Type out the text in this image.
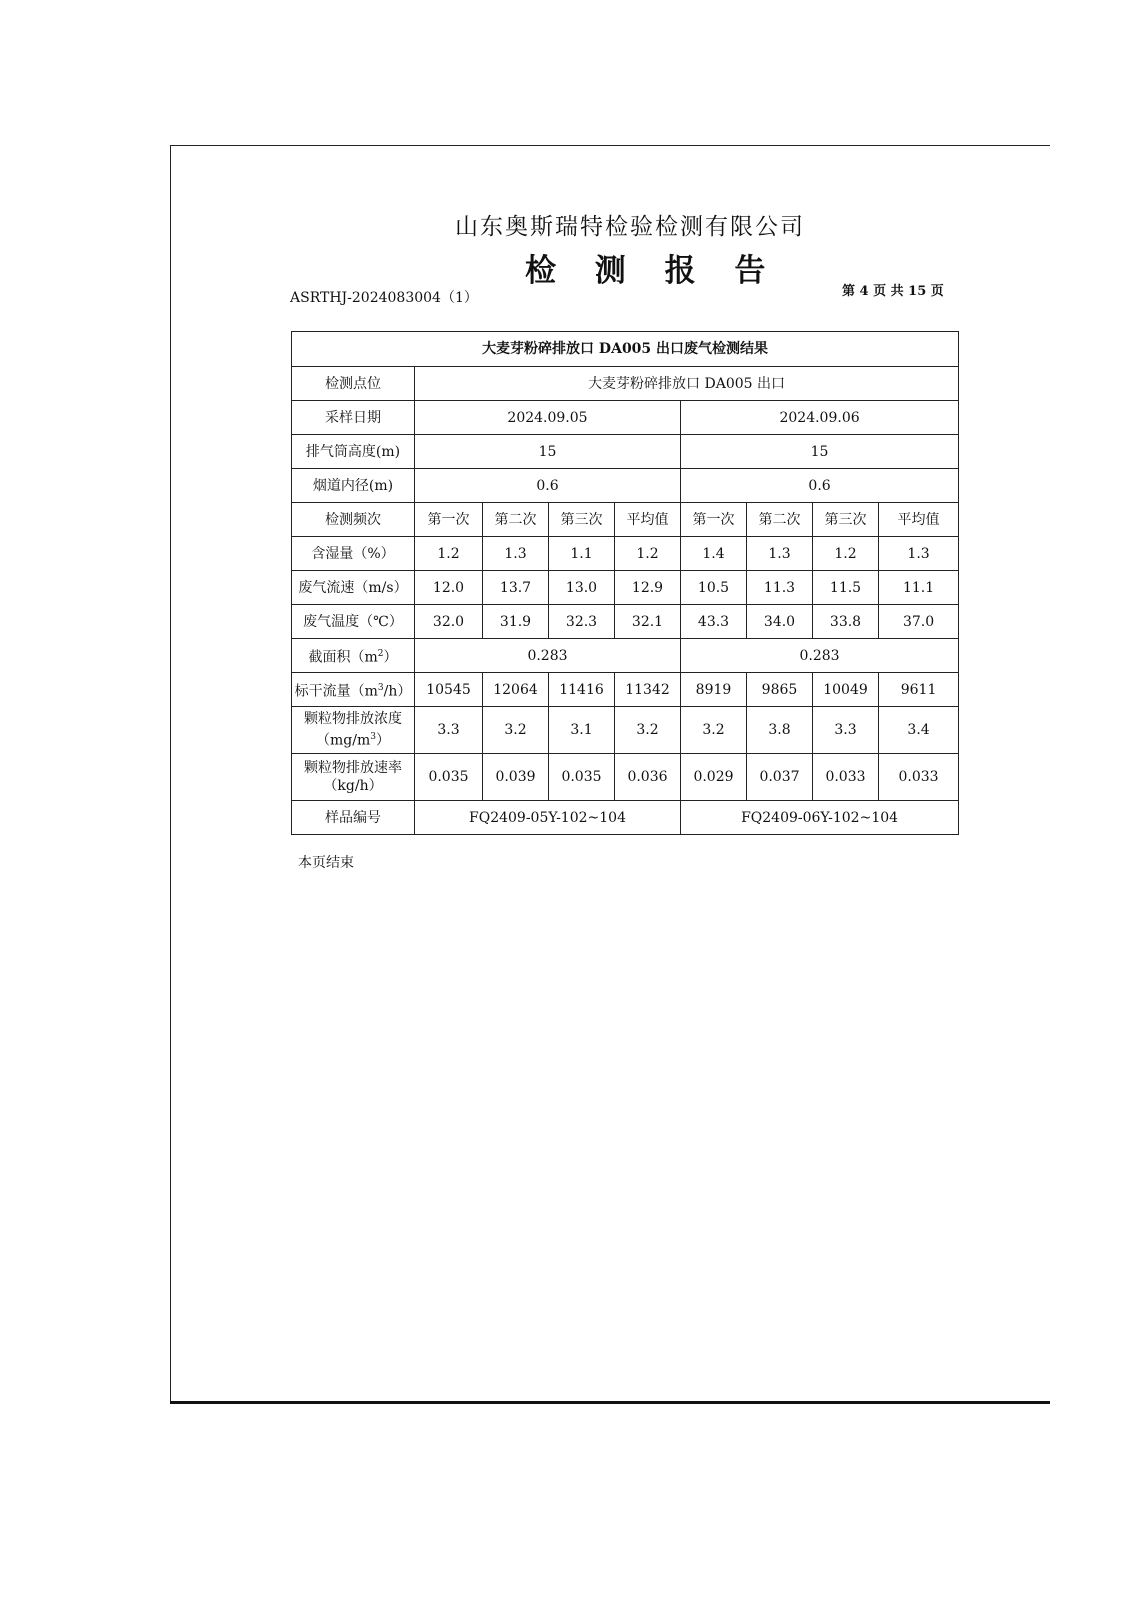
山东奥斯瑞特检验检测有限公司
检 测 报 告
ASRTHJ-2024083004（1）	第 4 页 共 15 页
大麦芽粉碎排放口 DA005 出口废气检测结果								
检测点位	大麦芽粉碎排放口 DA005 出口							
采样日期	2024.09.05				2024.09.06			
排气筒高度(m)	15				15			
烟道内径(m)	0.6				0.6			
检测频次	第一次	第二次	第三次	平均值	第一次	第二次	第三次	平均值
含湿量（%）	1.2	1.3	1.1	1.2	1.4	1.3	1.2	1.3
废气流速（m/s）	12.0	13.7	13.0	12.9	10.5	11.3	11.5	11.1
废气温度（℃）	32.0	31.9	32.3	32.1	43.3	34.0	33.8	37.0
截面积$(m^2)$	0.283				0.283			
标干流量$(m^3/h)$	10545	12064	11416	11342	8919	9865	10049	9611

颗粒物排放浓度
$(mg/m^3)$	3.3	3.2	3.1	3.2	3.2	3.8	3.3	3.4

颗粒物排放速率
（kg/h）	0.035	0.039	0.035	0.036	0.029	0.037	0.033	0.033
样品编号	FQ2409-05Y-102~104				FQ2409-06Y-102~104			
本页结束
